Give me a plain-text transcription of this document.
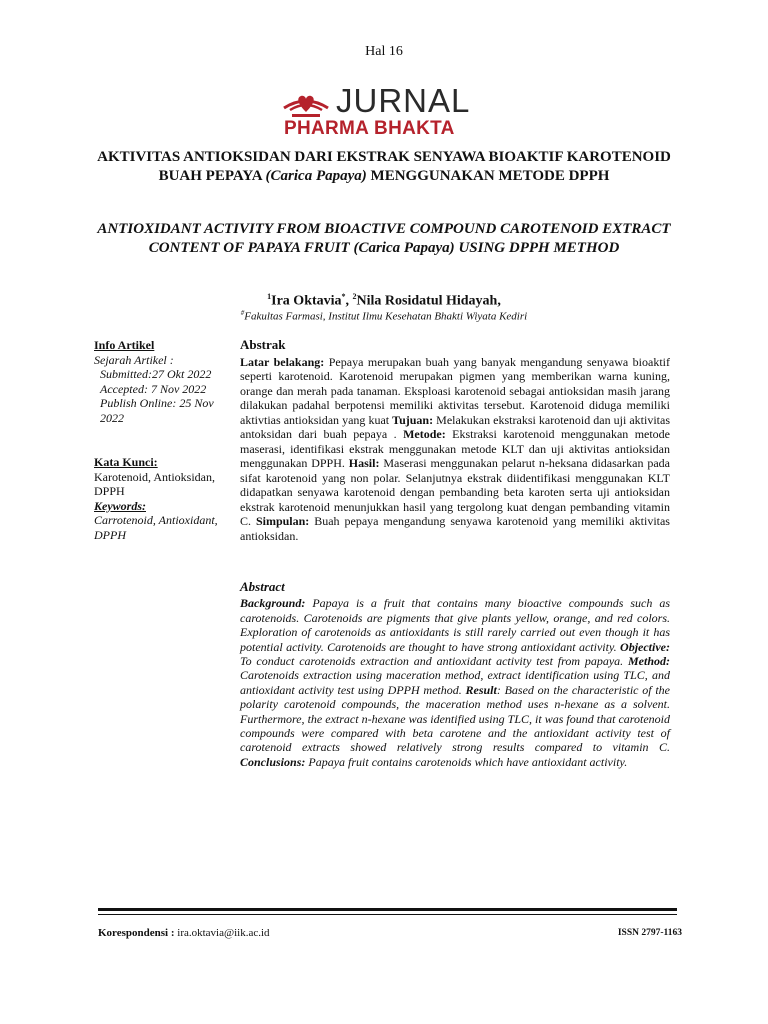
Hal 16
JURNAL
PHARMA BHAKTA
AKTIVITAS ANTIOKSIDAN DARI EKSTRAK SENYAWA BIOAKTIF KAROTENOID BUAH PEPAYA (Carica Papaya) MENGGUNAKAN METODE DPPH
ANTIOXIDANT ACTIVITY FROM BIOACTIVE COMPOUND CAROTENOID EXTRACT CONTENT OF PAPAYA FRUIT (Carica Papaya) USING DPPH METHOD
$^1$Ira Oktavia*, $^2$Nila Rosidatul Hidayah,
#Fakultas Farmasi, Institut Ilmu Kesehatan Bhakti Wiyata Kediri
Info Artikel
Sejarah Artikel :
Submitted:27 Okt 2022
Accepted: 7 Nov 2022
Publish Online: 25 Nov 2022
Kata Kunci:
Karotenoid, Antioksidan, DPPH
Keywords:
Carrotenoid, Antioxidant, DPPH
Abstrak

Latar belakang: Pepaya merupakan buah yang banyak mengandung senyawa bioaktif seperti karotenoid. Karotenoid merupakan pigmen yang memberikan warna kuning, orange dan merah pada tanaman. Eksploasi karotenoid sebagai antioksidan masih jarang dilakukan padahal berpotensi memiliki aktivitas tersebut. Karotenoid diduga memiliki aktivtias antioksidan yang kuat Tujuan: Melakukan ekstraksi karotenoid dan uji aktivitas antoksidan dari buah pepaya . Metode: Ekstraksi karotenoid menggunakan metode maserasi, identifikasi ekstrak menggunakan metode KLT dan uji aktivitas antioksidan menggunakan DPPH. Hasil: Maserasi menggunakan pelarut n-heksana didasarkan pada sifat karotenoid yang non polar. Selanjutnya ekstrak diidentifikasi menggunakan KLT didapatkan senyawa karotenoid dengan pembanding beta karoten serta uji antioksidan ekstrak karotenoid menunjukkan hasil yang tergolong kuat dengan pembanding vitamin C. Simpulan: Buah pepaya mengandung senyawa karotenoid yang memiliki aktivitas antioksidan.

Abstract

Background: Papaya is a fruit that contains many bioactive compounds such as carotenoids. Carotenoids are pigments that give plants yellow, orange, and red colors. Exploration of carotenoids as antioxidants is still rarely carried out even though it has potential activity. Carotenoids are thought to have strong antioxidant activity. Objective: To conduct carotenoids extraction and antioxidant activity test from papaya. Method: Carotenoids extraction using maceration method, extract identification using TLC, and antioxidant activity test using DPPH method. Result: Based on the characteristic of the polarity carotenoid compounds, the maceration method uses n-hexane as a solvent. Furthermore, the extract n-hexane was identified using TLC, it was found that carotenoid compounds were compared with beta carotene and the antioxidant activity test of carotenoid extracts showed relatively strong results compared to vitamin C. Conclusions: Papaya fruit contains carotenoids which have antioxidant activity.

Korespondensi : ira.oktavia@iik.ac.id	ISSN 2797-1163
